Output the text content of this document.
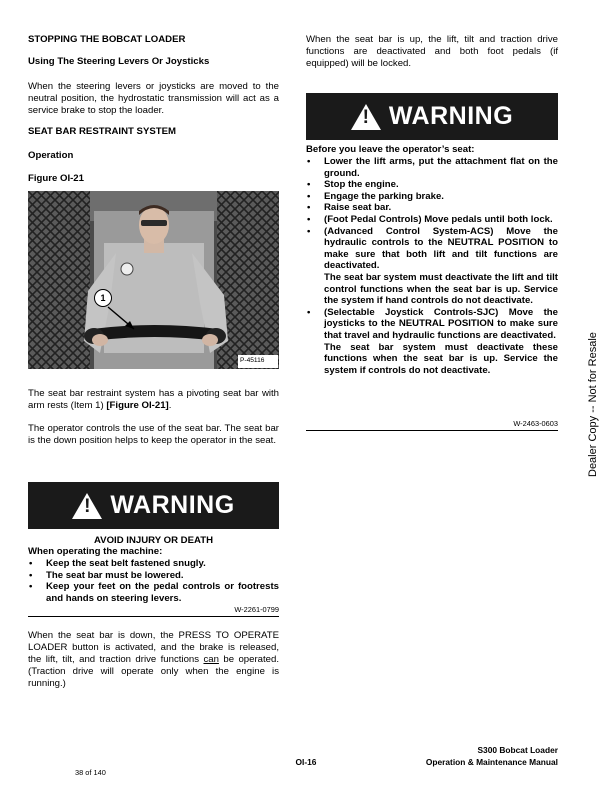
STOPPING THE BOBCAT LOADER
Using The Steering Levers Or Joysticks
When the steering levers or joysticks are moved to the neutral position, the hydrostatic transmission will act as a service brake to stop the loader.
SEAT BAR RESTRAINT SYSTEM
Operation
Figure OI-21
1
P-45116
The seat bar restraint system has a pivoting seat bar with arm rests (Item 1) [Figure OI-21].
The operator controls the use of the seat bar. The seat bar is the down position helps to keep the operator in the seat.
! WARNING
AVOID INJURY OR DEATH
When operating the machine:
• Keep the seat belt fastened snugly.
• The seat bar must be lowered.
• Keep your feet on the pedal controls or footrests and hands on steering levers.
W-2261-0799
When the seat bar is down, the PRESS TO OPERATE LOADER button is activated, and the brake is released, the lift, tilt, and traction drive functions can be operated. (Traction drive will operate only when the engine is running.)
When the seat bar is up, the lift, tilt and traction drive functions are deactivated and both foot pedals (if equipped) will be locked.
! WARNING
Before you leave the operator’s seat:
• Lower the lift arms, put the attachment flat on the ground.
• Stop the engine.
• Engage the parking brake.
• Raise seat bar.
• (Foot Pedal Controls) Move pedals until both lock.
• (Advanced Control System-ACS) Move the hydraulic controls to the NEUTRAL POSITION to make sure that both lift and tilt functions are deactivated.
The seat bar system must deactivate the lift and tilt control functions when the seat bar is up. Service the system if hand controls do not deactivate.
• (Selectable Joystick Controls-SJC) Move the joysticks to the NEUTRAL POSITION to make sure that travel and hydraulic functions are deactivated.
The seat bar system must deactivate these functions when the seat bar is up. Service the system if controls do not deactivate.
W-2463-0603	Dealer Copy -- Not for Resale
S300 Bobcat Loader
OI-16	Operation & Maintenance Manual
38 of 140
